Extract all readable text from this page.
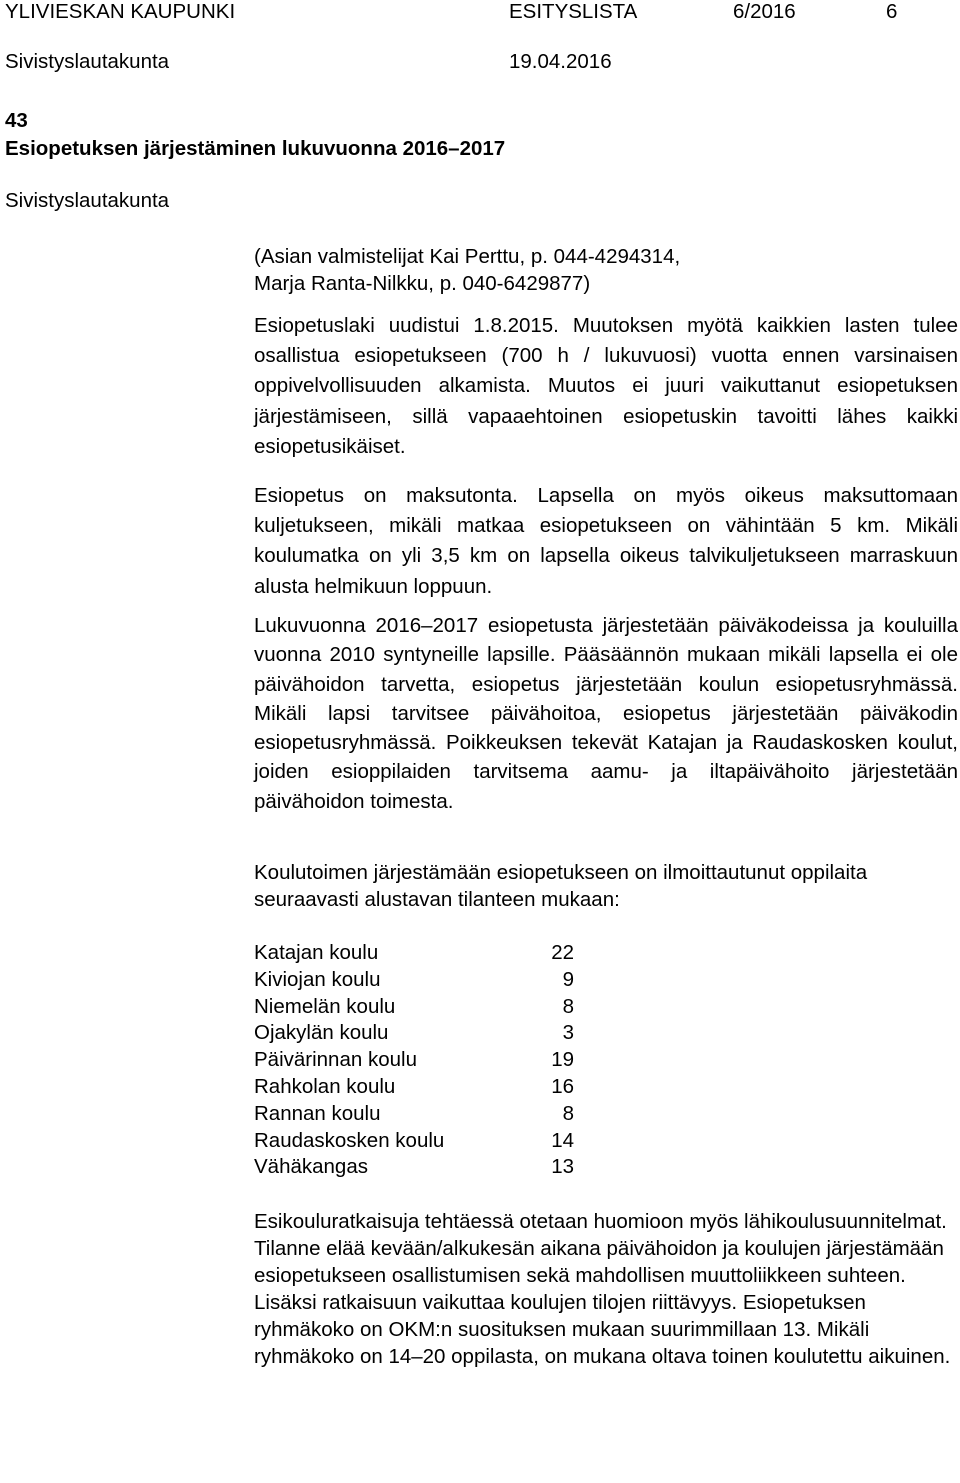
YLIVIESKAN KAUPUNKI	ESITYSLISTA	6/2016	6
Sivistyslautakunta	19.04.2016
43
Esiopetuksen järjestäminen lukuvuonna 2016–2017
Sivistyslautakunta
(Asian valmistelijat Kai Perttu, p. 044-4294314,
Marja Ranta-Nilkku, p. 040-6429877)

Esiopetuslaki uudistui 1.8.2015. Muutoksen myötä kaikkien lasten tulee osallistua esiopetukseen (700 h / lukuvuosi) vuotta ennen varsinaisen oppivelvollisuuden alkamista. Muutos ei juuri vaikuttanut esiopetuksen järjestämiseen, sillä vapaaehtoinen esiopetuskin tavoitti lähes kaikki esiopetusikäiset.

Esiopetus on maksutonta. Lapsella on myös oikeus maksuttomaan kuljetukseen, mikäli matkaa esiopetukseen on vähintään 5 km. Mikäli koulumatka on yli 3,5 km on lapsella oikeus talvikuljetukseen marraskuun alusta helmikuun loppuun.

Lukuvuonna 2016–2017 esiopetusta järjestetään päiväkodeissa ja kouluilla vuonna 2010 syntyneille lapsille. Pääsäännön mukaan mikäli lapsella ei ole päivähoidon tarvetta, esiopetus järjestetään koulun esiopetusryhmässä. Mikäli lapsi tarvitsee päivähoitoa, esiopetus järjestetään päiväkodin esiopetusryhmässä. Poikkeuksen tekevät Katajan ja Raudaskosken koulut, joiden esioppilaiden tarvitsema aamu- ja iltapäivähoito järjestetään päivähoidon toimesta.

Koulutoimen järjestämään esiopetukseen on ilmoittautunut oppilaita
seuraavasti alustavan tilanteen mukaan:
Katajan koulu	22
Kiviojan koulu	9
Niemelän koulu	8
Ojakylän koulu	3
Päivärinnan koulu	19
Rahkolan koulu	16
Rannan koulu	8
Raudaskosken koulu	14
Vähäkangas	13

Esikouluratkaisuja tehtäessä otetaan huomioon myös lähikoulusuunnitelmat. Tilanne elää kevään/alkukesän aikana päivähoidon ja koulujen järjestämään esiopetukseen osallistumisen sekä mahdollisen muuttoliikkeen suhteen. Lisäksi ratkaisuun vaikuttaa koulujen tilojen riittävyys. Esiopetuksen ryhmäkoko on OKM:n suosituksen mukaan suurimmillaan 13. Mikäli ryhmäkoko on 14–20 oppilasta, on mukana oltava toinen koulutettu aikuinen.
